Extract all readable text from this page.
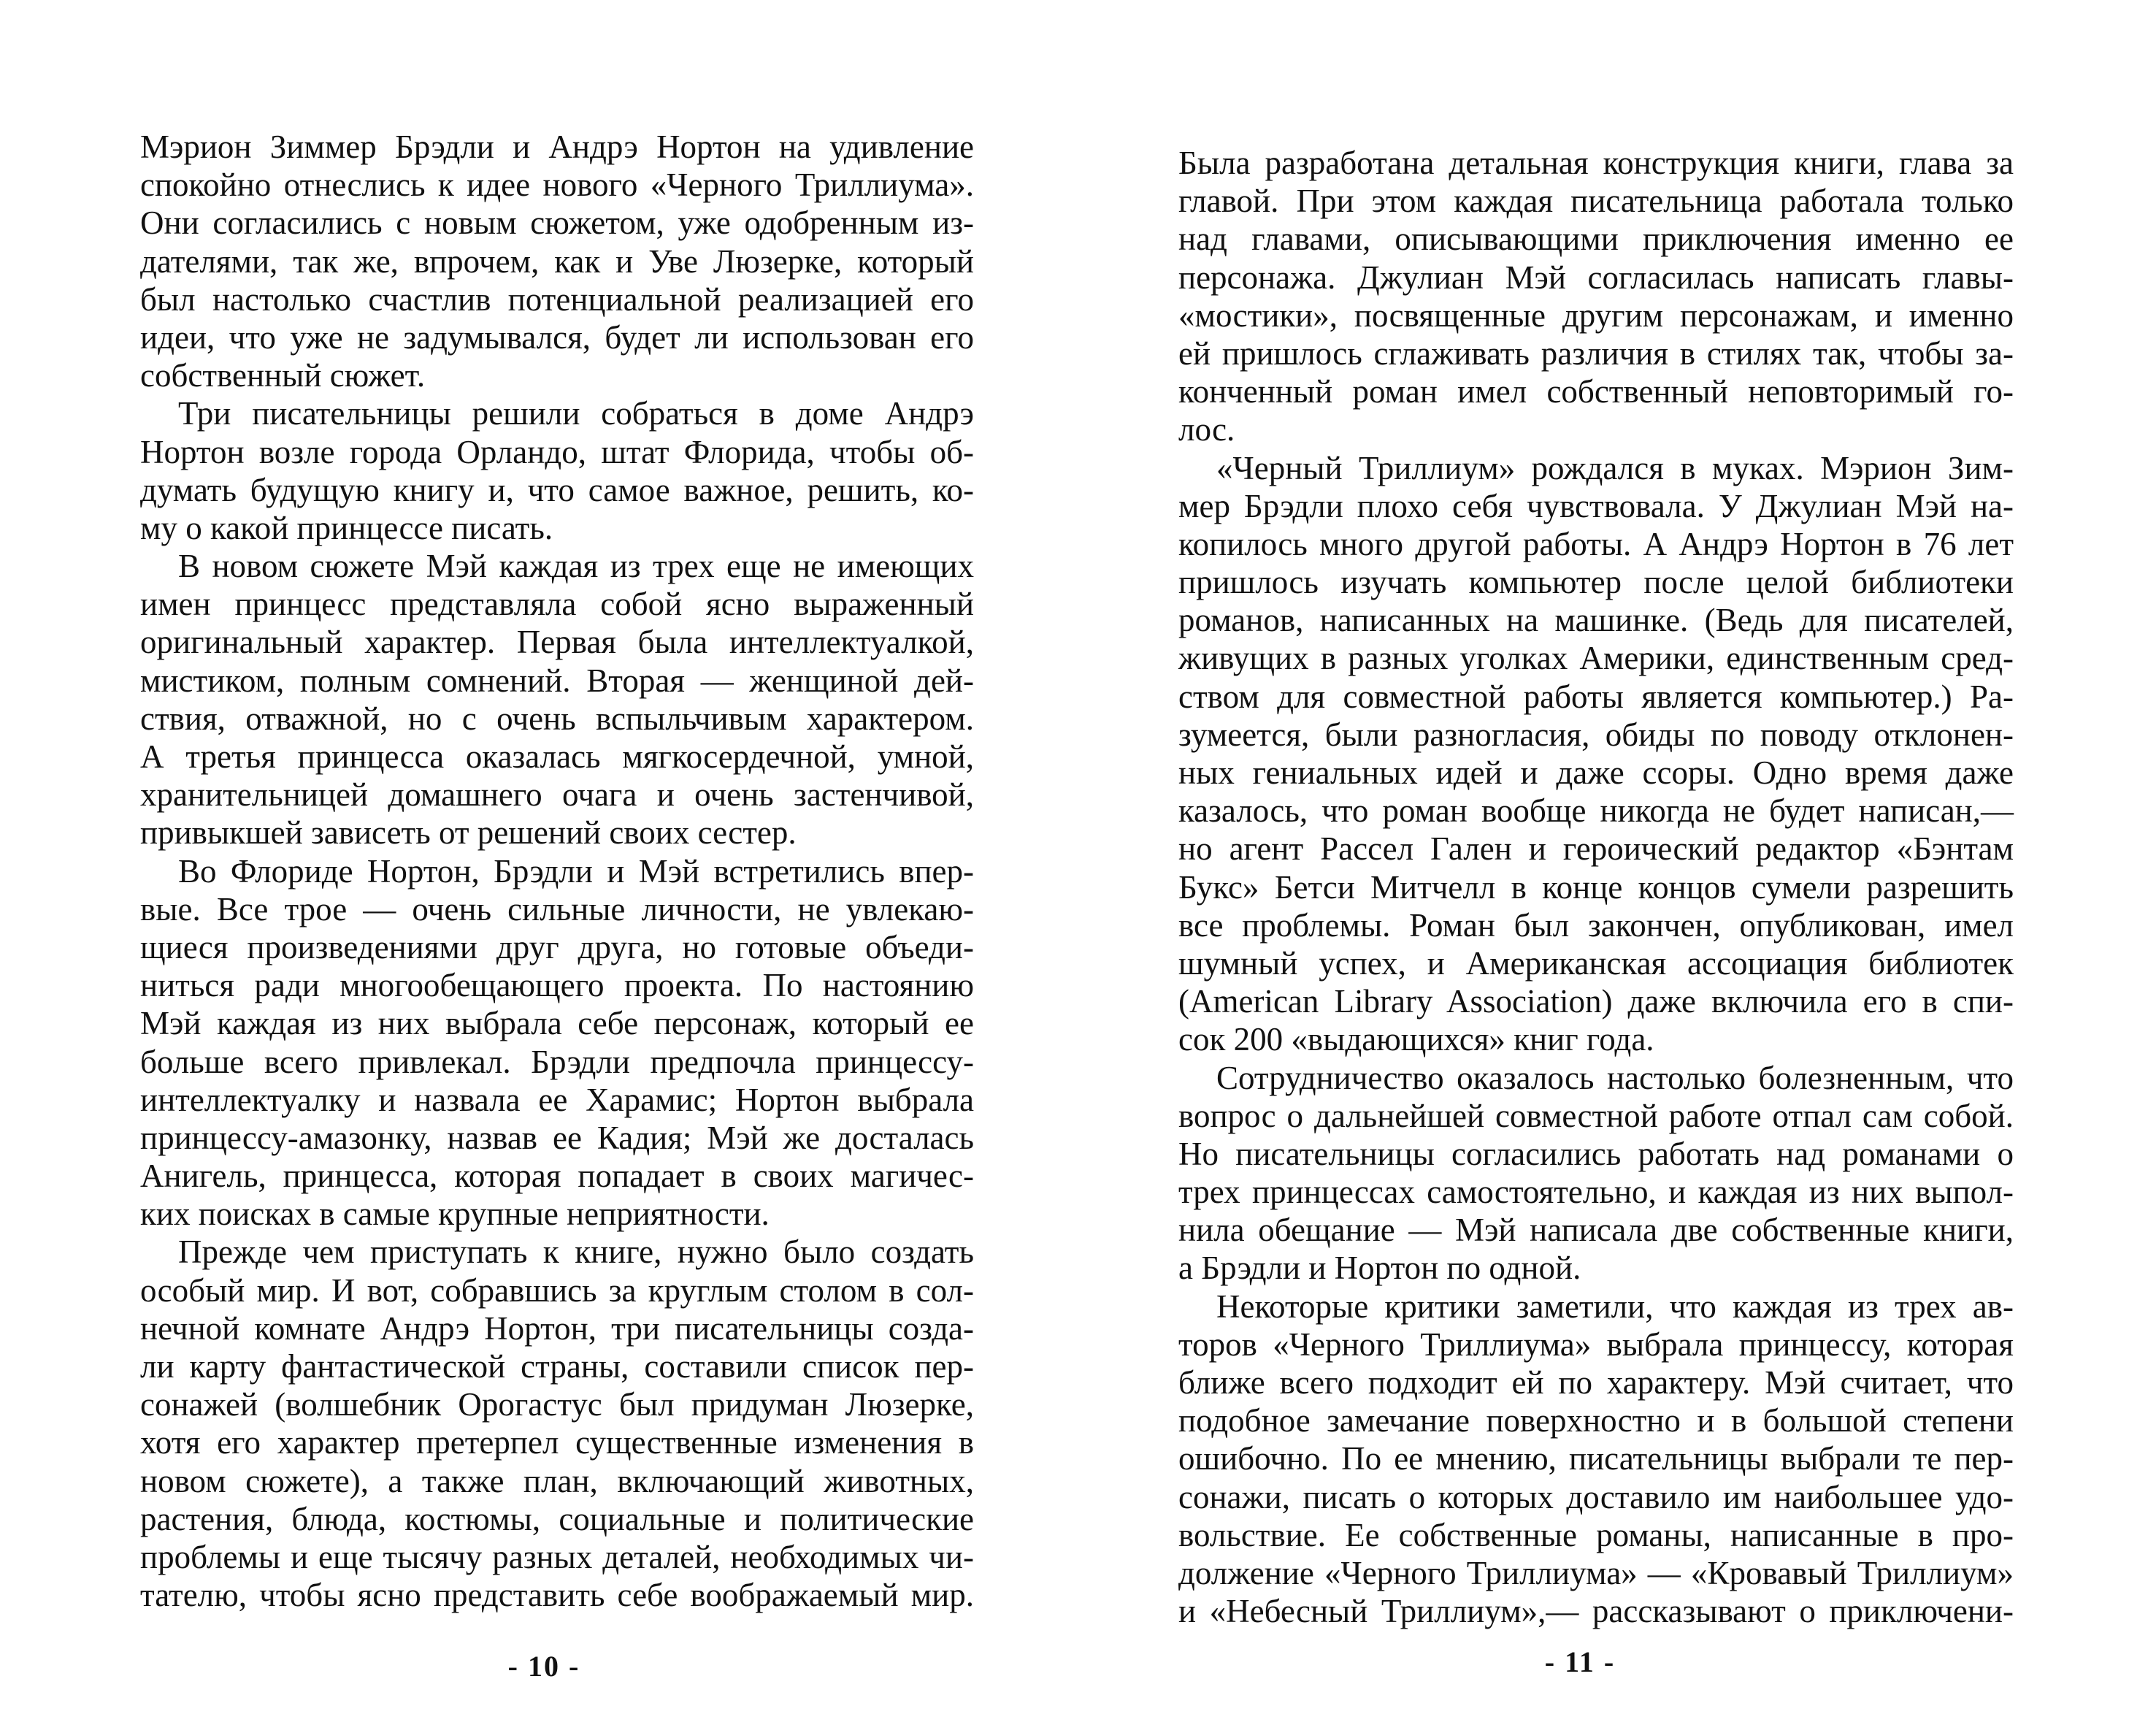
Мэрион Зиммер Брэдли и Андрэ Нортон на удивление
спокойно отнеслись к идее нового «Черного Триллиума».
Они согласились с новым сюжетом, уже одобренным из-
дателями, так же, впрочем, как и Уве Люзерке, который
был настолько счастлив потенциальной реализацией его
идеи, что уже не задумывался, будет ли использован его
собственный сюжет.
Три писательницы решили собраться в доме Андрэ
Нортон возле города Орландо, штат Флорида, чтобы об-
думать будущую книгу и, что самое важное, решить, ко-
му о какой принцессе писать.
В новом сюжете Мэй каждая из трех еще не имеющих
имен принцесс представляла собой ясно выраженный
оригинальный характер. Первая была интеллектуалкой,
мистиком, полным сомнений. Вторая — женщиной дей-
ствия, отважной, но с очень вспыльчивым характером.
А третья принцесса оказалась мягкосердечной, умной,
хранительницей домашнего очага и очень застенчивой,
привыкшей зависеть от решений своих сестер.
Во Флориде Нортон, Брэдли и Мэй встретились впер-
вые. Все трое — очень сильные личности, не увлекаю-
щиеся произведениями друг друга, но готовые объеди-
ниться ради многообещающего проекта. По настоянию
Мэй каждая из них выбрала себе персонаж, который ее
больше всего привлекал. Брэдли предпочла принцессу-
интеллектуалку и назвала ее Харамис; Нортон выбрала
принцессу-амазонку, назвав ее Кадия; Мэй же досталась
Анигель, принцесса, которая попадает в своих магичес-
ких поисках в самые крупные неприятности.
Прежде чем приступать к книге, нужно было создать
особый мир. И вот, собравшись за круглым столом в сол-
нечной комнате Андрэ Нортон, три писательницы созда-
ли карту фантастической страны, составили список пер-
сонажей (волшебник Орогастус был придуман Люзерке,
хотя его характер претерпел существенные изменения в
новом сюжете), а также план, включающий животных,
растения, блюда, костюмы, социальные и политические
проблемы и еще тысячу разных деталей, необходимых чи-
тателю, чтобы ясно представить себе воображаемый мир.
- 10 -
Была разработана детальная конструкция книги, глава за
главой. При этом каждая писательница работала только
над главами, описывающими приключения именно ее
персонажа. Джулиан Мэй согласилась написать главы-
«мостики», посвященные другим персонажам, и именно
ей пришлось сглаживать различия в стилях так, чтобы за-
конченный роман имел собственный неповторимый го-
лос.
«Черный Триллиум» рождался в муках. Мэрион Зим-
мер Брэдли плохо себя чувствовала. У Джулиан Мэй на-
копилось много другой работы. А Андрэ Нортон в 76 лет
пришлось изучать компьютер после целой библиотеки
романов, написанных на машинке. (Ведь для писателей,
живущих в разных уголках Америки, единственным сред-
ством для совместной работы является компьютер.) Ра-
зумеется, были разногласия, обиды по поводу отклонен-
ных гениальных идей и даже ссоры. Одно время даже
казалось, что роман вообще никогда не будет написан,—
но агент Рассел Гален и героический редактор «Бэнтам
Букс» Бетси Митчелл в конце концов сумели разрешить
все проблемы. Роман был закончен, опубликован, имел
шумный успех, и Американская ассоциация библиотек
(American Library Association) даже включила его в спи-
сок 200 «выдающихся» книг года.
Сотрудничество оказалось настолько болезненным, что
вопрос о дальнейшей совместной работе отпал сам собой.
Но писательницы согласились работать над романами о
трех принцессах самостоятельно, и каждая из них выпол-
нила обещание — Мэй написала две собственные книги,
а Брэдли и Нортон по одной.
Некоторые критики заметили, что каждая из трех ав-
торов «Черного Триллиума» выбрала принцессу, которая
ближе всего подходит ей по характеру. Мэй считает, что
подобное замечание поверхностно и в большой степени
ошибочно. По ее мнению, писательницы выбрали те пер-
сонажи, писать о которых доставило им наибольшее удо-
вольствие. Ее собственные романы, написанные в про-
должение «Черного Триллиума» — «Кровавый Триллиум»
и «Небесный Триллиум»,— рассказывают о приключени-
- 11 -
